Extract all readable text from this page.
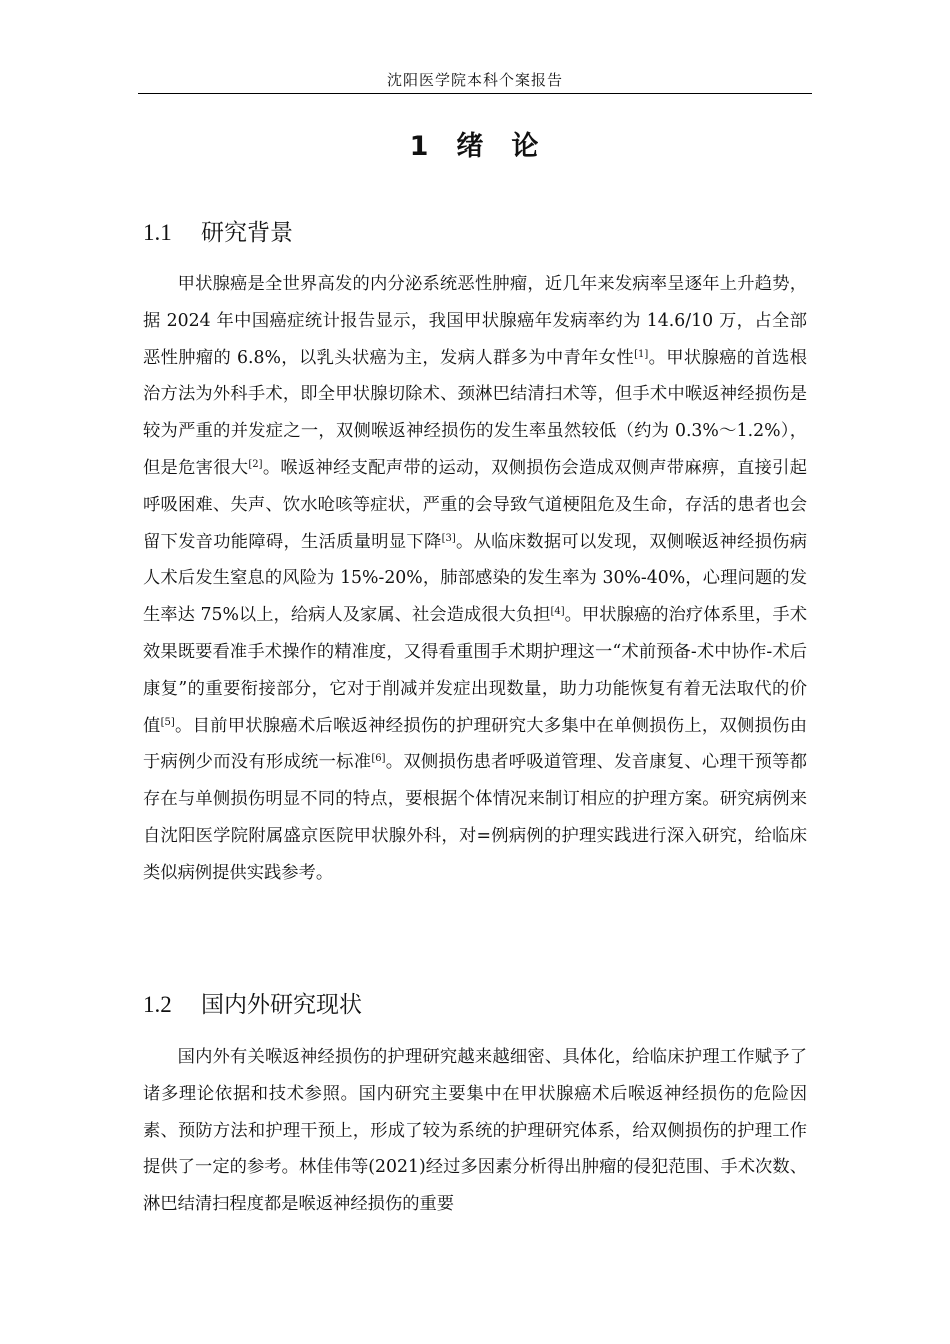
沈阳医学院本科个案报告
1 绪 论
1.1 研究背景

甲状腺癌是全世界高发的内分泌系统恶性肿瘤，近几年来发病率呈逐年上升趋势，据 2024 年中国癌症统计报告显示，我国甲状腺癌年发病率约为 14.6/10 万，占全部恶性肿瘤的 6.8%，以乳头状癌为主，发病人群多为中青年女性[1]。甲状腺癌的首选根治方法为外科手术，即全甲状腺切除术、颈淋巴结清扫术等，但手术中喉返神经损伤是较为严重的并发症之一，双侧喉返神经损伤的发生率虽然较低（约为 0.3%～1.2%），但是危害很大[2]。喉返神经支配声带的运动，双侧损伤会造成双侧声带麻痹，直接引起呼吸困难、失声、饮水呛咳等症状，严重的会导致气道梗阻危及生命，存活的患者也会留下发音功能障碍，生活质量明显下降[3]。从临床数据可以发现，双侧喉返神经损伤病人术后发生窒息的风险为 15%-20%，肺部感染的发生率为 30%-40%，心理问题的发生率达 75%以上，给病人及家属、社会造成很大负担[4]。甲状腺癌的治疗体系里，手术效果既要看准手术操作的精准度，又得看重围手术期护理这一“术前预备-术中协作-术后康复”的重要衔接部分，它对于削减并发症出现数量，助力功能恢复有着无法取代的价值[5]。目前甲状腺癌术后喉返神经损伤的护理研究大多集中在单侧损伤上，双侧损伤由于病例少而没有形成统一标准[6]。双侧损伤患者呼吸道管理、发音康复、心理干预等都存在与单侧损伤明显不同的特点，要根据个体情况来制订相应的护理方案。研究病例来自沈阳医学院附属盛京医院甲状腺外科，对=例病例的护理实践进行深入研究，给临床类似病例提供实践参考。

1.2 国内外研究现状

国内外有关喉返神经损伤的护理研究越来越细密、具体化，给临床护理工作赋予了诸多理论依据和技术参照。国内研究主要集中在甲状腺癌术后喉返神经损伤的危险因素、预防方法和护理干预上，形成了较为系统的护理研究体系，给双侧损伤的护理工作提供了一定的参考。林佳伟等(2021)经过多因素分析得出肿瘤的侵犯范围、手术次数、淋巴结清扫程度都是喉返神经损伤的重要
